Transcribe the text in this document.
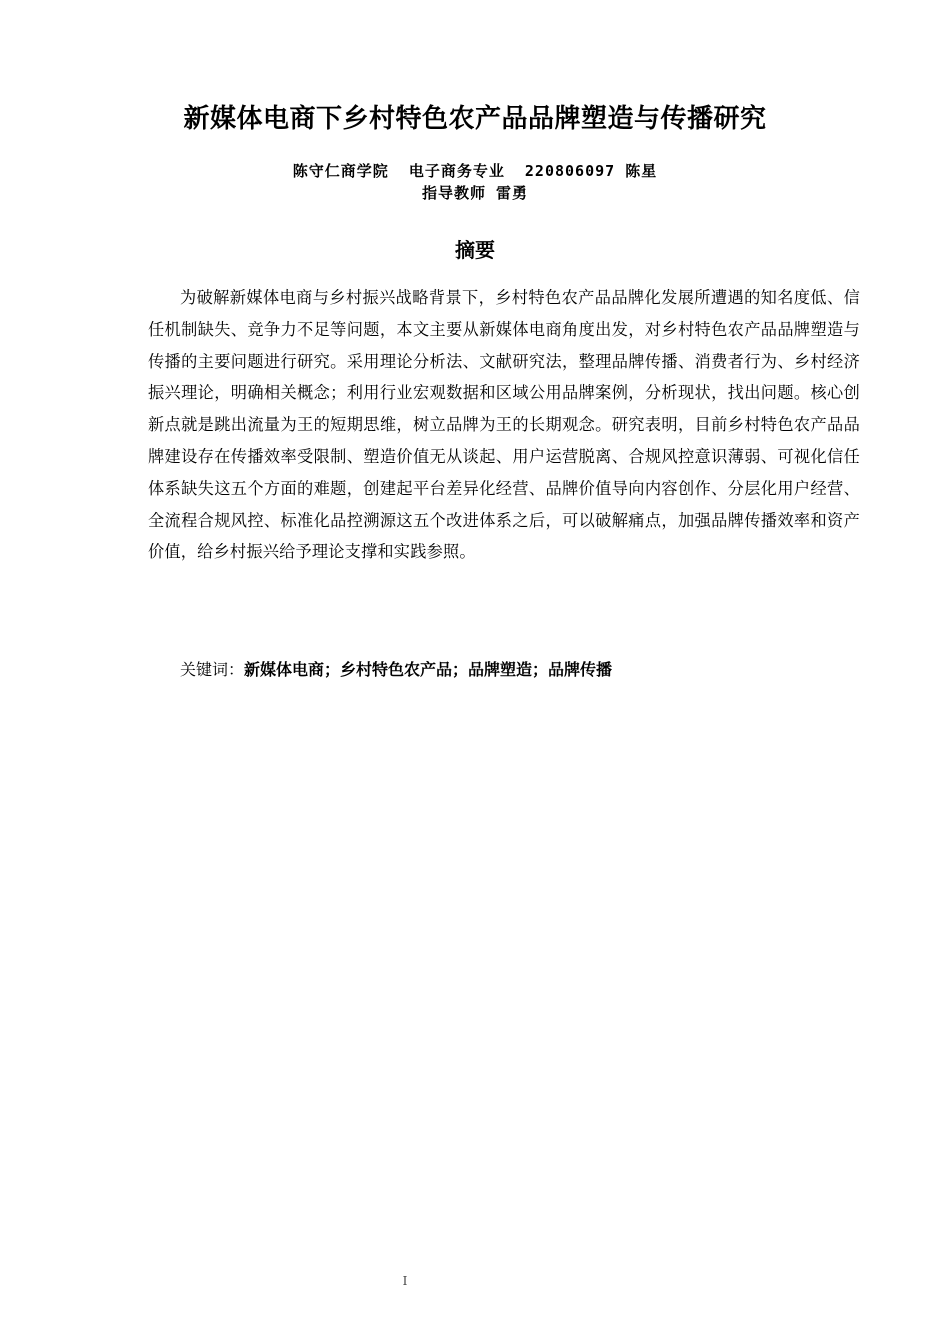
新媒体电商下乡村特色农产品品牌塑造与传播研究
陈守仁商学院  电子商务专业  220806097 陈星
指导教师 雷勇
摘要

为破解新媒体电商与乡村振兴战略背景下，乡村特色农产品品牌化发展所遭遇的知名度低、信任机制缺失、竞争力不足等问题，本文主要从新媒体电商角度出发，对乡村特色农产品品牌塑造与传播的主要问题进行研究。采用理论分析法、文献研究法，整理品牌传播、消费者行为、乡村经济振兴理论，明确相关概念；利用行业宏观数据和区域公用品牌案例，分析现状，找出问题。核心创新点就是跳出流量为王的短期思维，树立品牌为王的长期观念。研究表明，目前乡村特色农产品品牌建设存在传播效率受限制、塑造价值无从谈起、用户运营脱离、合规风控意识薄弱、可视化信任体系缺失这五个方面的难题，创建起平台差异化经营、品牌价值导向内容创作、分层化用户经营、全流程合规风控、标准化品控溯源这五个改进体系之后，可以破解痛点，加强品牌传播效率和资产价值，给乡村振兴给予理论支撑和实践参照。

关键词：新媒体电商；乡村特色农产品；品牌塑造；品牌传播
I
